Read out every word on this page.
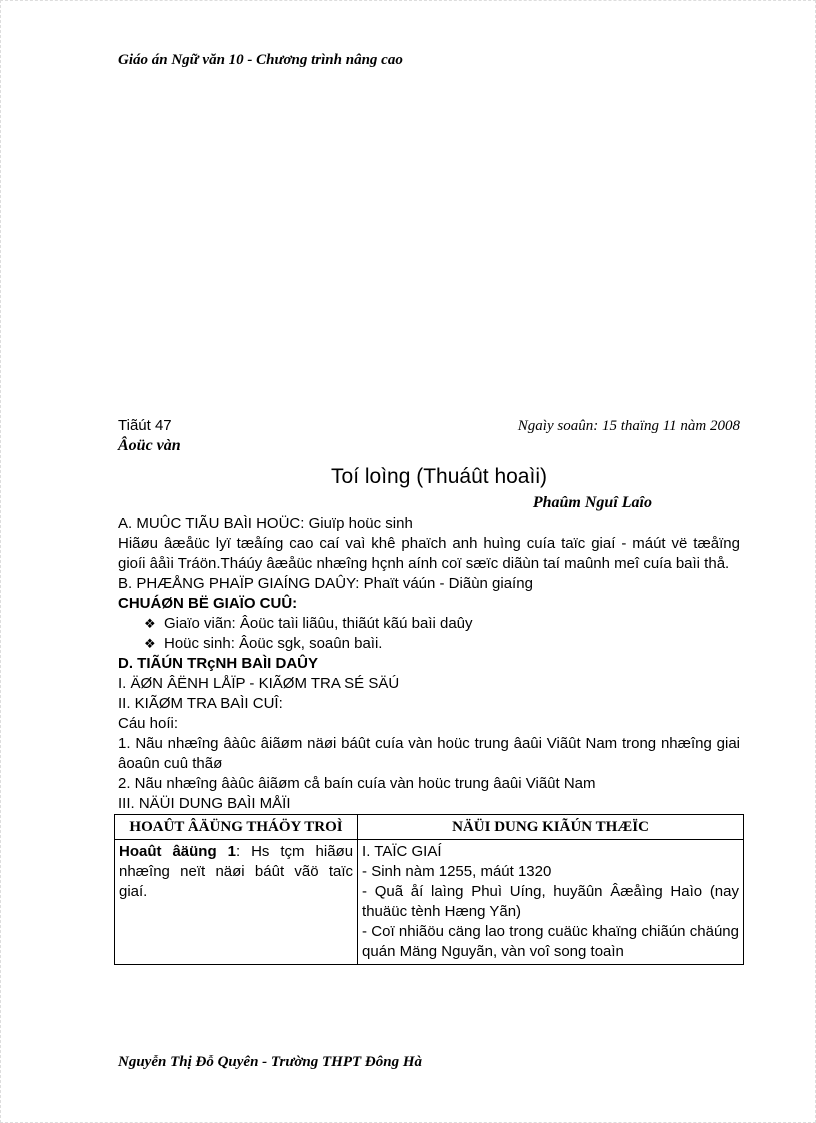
Giáo án Ngữ văn 10 - Chương trình nâng cao
Tiãút 47	Ngaìy soaûn: 15 thaïng 11 nàm 2008
Âoüc vàn
Toí loìng (Thuáût hoaìi)
Phaûm Nguî Laîo
A. MUÛC TIÃU BAÌI HOÜC: Giuïp hoüc sinh
Hiãøu âæåüc lyï tæåíng cao caí vaì khê phaïch anh huìng cuía taïc giaí - máút vë tæåïng gioíi âåìi Tráön.Tháúy âæåüc nhæîng hçnh aính coï sæïc diãùn taí maûnh meî cuía baìi thå.
B. PHÆÅNG PHAÏP GIAÍNG DAÛY: Phaït váún - Diãùn giaíng
CHUÁØN BË GIAÏO CUÛ:
❖ Giaïo viãn: Âoüc taìi liãûu, thiãút kãú baìi daûy
❖ Hoüc sinh: Âoüc sgk, soaûn baìi.
D. TIÃÚN TRçNH BAÌI DAÛY
I. ÄØN ÂËNH LÅÏP - KIÃØM TRA SÉ SÄÚ
II. KIÃØM TRA BAÌI CUÎ:
Cáu hoíi:
1. Nãu nhæîng âàûc âiãøm näøi báût cuía vàn hoüc trung âaûi Viãût Nam trong nhæîng giai âoaûn cuû thãø
2. Nãu nhæîng âàûc âiãøm cå baín cuía vàn hoüc trung âaûi Viãût Nam
III. NÄÜI DUNG BAÌI MÅÏI
HOAÛT ÂÄÜNG THÁÖY TROÌ	NÄÜI DUNG KIÃÚN THÆÏC
Hoaût âäüng 1: Hs tçm hiãøu nhæîng neït näøi báût vãö taïc giaí.	I. TAÏC GIAÍ
- Sinh nàm 1255, máút 1320
- Quã åí laìng Phuì Uíng, huyãûn Âæåìng Haìo (nay thuäüc tènh Hæng Yãn)
- Coï nhiãöu cäng lao trong cuäüc khaïng chiãún chäúng quán Mäng Nguyãn, vàn voî song toaìn
Nguyễn Thị Đỗ Quyên - Trường THPT Đông Hà
